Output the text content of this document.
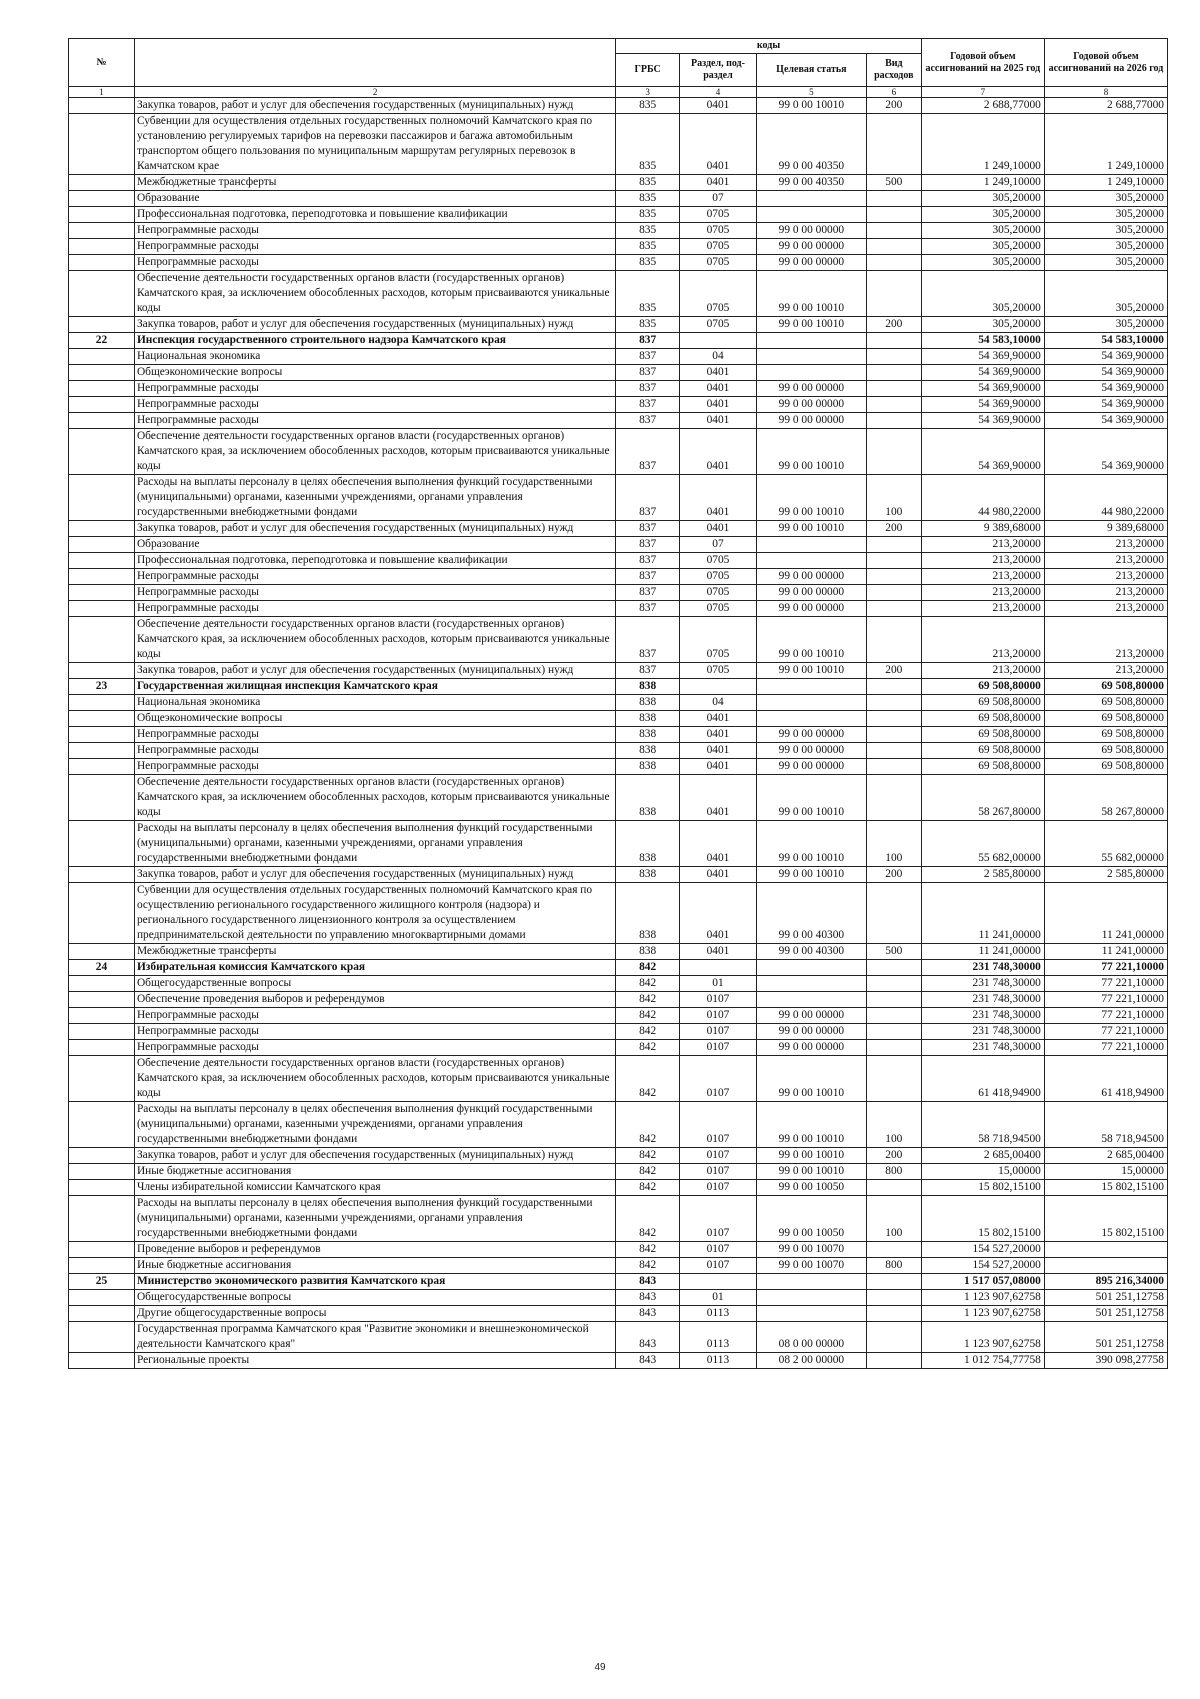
№		коды				Годовой объем ассигнований на 2025 год	Годовой объем ассигнований на 2026 год
		ГРБС	Раздел, под-раздел	Целевая статья	Вид расходов		
1	2	3	4	5	6	7	8
	Закупка товаров, работ и услуг для обеспечения государственных (муниципальных) нужд	835	0401	99 0 00 10010	200	2 688,77000	2 688,77000
	Субвенции для осуществления отдельных государственных полномочий Камчатского края по установлению регулируемых тарифов на перевозки пассажиров и багажа автомобильным транспортом общего пользования по муниципальным маршрутам регулярных перевозок в Камчатском крае	835	0401	99 0 00 40350		1 249,10000	1 249,10000
	Межбюджетные трансферты	835	0401	99 0 00 40350	500	1 249,10000	1 249,10000
	Образование	835	07			305,20000	305,20000
	Профессиональная подготовка, переподготовка и повышение квалификации	835	0705			305,20000	305,20000
	Непрограммные расходы	835	0705	99 0 00 00000		305,20000	305,20000
	Непрограммные расходы	835	0705	99 0 00 00000		305,20000	305,20000
	Непрограммные расходы	835	0705	99 0 00 00000		305,20000	305,20000
	Обеспечение деятельности государственных органов власти (государственных органов) Камчатского края, за исключением обособленных расходов, которым присваиваются уникальные коды	835	0705	99 0 00 10010		305,20000	305,20000
	Закупка товаров, работ и услуг для обеспечения государственных (муниципальных) нужд	835	0705	99 0 00 10010	200	305,20000	305,20000
22	Инспекция государственного строительного надзора Камчатского края	837				54 583,10000	54 583,10000
	Национальная экономика	837	04			54 369,90000	54 369,90000
	Общеэкономические вопросы	837	0401			54 369,90000	54 369,90000
	Непрограммные расходы	837	0401	99 0 00 00000		54 369,90000	54 369,90000
	Непрограммные расходы	837	0401	99 0 00 00000		54 369,90000	54 369,90000
	Непрограммные расходы	837	0401	99 0 00 00000		54 369,90000	54 369,90000
	Обеспечение деятельности государственных органов власти (государственных органов) Камчатского края, за исключением обособленных расходов, которым присваиваются уникальные коды	837	0401	99 0 00 10010		54 369,90000	54 369,90000
	Расходы на выплаты персоналу в целях обеспечения выполнения функций государственными (муниципальными) органами, казенными учреждениями, органами управления государственными внебюджетными фондами	837	0401	99 0 00 10010	100	44 980,22000	44 980,22000
	Закупка товаров, работ и услуг для обеспечения государственных (муниципальных) нужд	837	0401	99 0 00 10010	200	9 389,68000	9 389,68000
	Образование	837	07			213,20000	213,20000
	Профессиональная подготовка, переподготовка и повышение квалификации	837	0705			213,20000	213,20000
	Непрограммные расходы	837	0705	99 0 00 00000		213,20000	213,20000
	Непрограммные расходы	837	0705	99 0 00 00000		213,20000	213,20000
	Непрограммные расходы	837	0705	99 0 00 00000		213,20000	213,20000
	Обеспечение деятельности государственных органов власти (государственных органов) Камчатского края, за исключением обособленных расходов, которым присваиваются уникальные коды	837	0705	99 0 00 10010		213,20000	213,20000
	Закупка товаров, работ и услуг для обеспечения государственных (муниципальных) нужд	837	0705	99 0 00 10010	200	213,20000	213,20000
23	Государственная жилищная инспекция Камчатского края	838				69 508,80000	69 508,80000
	Национальная экономика	838	04			69 508,80000	69 508,80000
	Общеэкономические вопросы	838	0401			69 508,80000	69 508,80000
	Непрограммные расходы	838	0401	99 0 00 00000		69 508,80000	69 508,80000
	Непрограммные расходы	838	0401	99 0 00 00000		69 508,80000	69 508,80000
	Непрограммные расходы	838	0401	99 0 00 00000		69 508,80000	69 508,80000
	Обеспечение деятельности государственных органов власти (государственных органов) Камчатского края, за исключением обособленных расходов, которым присваиваются уникальные коды	838	0401	99 0 00 10010		58 267,80000	58 267,80000
	Расходы на выплаты персоналу в целях обеспечения выполнения функций государственными (муниципальными) органами, казенными учреждениями, органами управления государственными внебюджетными фондами	838	0401	99 0 00 10010	100	55 682,00000	55 682,00000
	Закупка товаров, работ и услуг для обеспечения государственных (муниципальных) нужд	838	0401	99 0 00 10010	200	2 585,80000	2 585,80000
	Субвенции для осуществления отдельных государственных полномочий Камчатского края по осуществлению регионального государственного жилищного контроля (надзора) и регионального государственного лицензионного контроля за осуществлением предпринимательской деятельности по управлению многоквартирными домами	838	0401	99 0 00 40300		11 241,00000	11 241,00000
	Межбюджетные трансферты	838	0401	99 0 00 40300	500	11 241,00000	11 241,00000
24	Избирательная комиссия Камчатского края	842				231 748,30000	77 221,10000
	Общегосударственные вопросы	842	01			231 748,30000	77 221,10000
	Обеспечение проведения выборов и референдумов	842	0107			231 748,30000	77 221,10000
	Непрограммные расходы	842	0107	99 0 00 00000		231 748,30000	77 221,10000
	Непрограммные расходы	842	0107	99 0 00 00000		231 748,30000	77 221,10000
	Непрограммные расходы	842	0107	99 0 00 00000		231 748,30000	77 221,10000
	Обеспечение деятельности государственных органов власти (государственных органов) Камчатского края, за исключением обособленных расходов, которым присваиваются уникальные коды	842	0107	99 0 00 10010		61 418,94900	61 418,94900
	Расходы на выплаты персоналу в целях обеспечения выполнения функций государственными (муниципальными) органами, казенными учреждениями, органами управления государственными внебюджетными фондами	842	0107	99 0 00 10010	100	58 718,94500	58 718,94500
	Закупка товаров, работ и услуг для обеспечения государственных (муниципальных) нужд	842	0107	99 0 00 10010	200	2 685,00400	2 685,00400
	Иные бюджетные ассигнования	842	0107	99 0 00 10010	800	15,00000	15,00000
	Члены избирательной комиссии Камчатского края	842	0107	99 0 00 10050		15 802,15100	15 802,15100
	Расходы на выплаты персоналу в целях обеспечения выполнения функций государственными (муниципальными) органами, казенными учреждениями, органами управления государственными внебюджетными фондами	842	0107	99 0 00 10050	100	15 802,15100	15 802,15100
	Проведение выборов и референдумов	842	0107	99 0 00 10070		154 527,20000	
	Иные бюджетные ассигнования	842	0107	99 0 00 10070	800	154 527,20000	
25	Министерство экономического развития Камчатского края	843				1 517 057,08000	895 216,34000
	Общегосударственные вопросы	843	01			1 123 907,62758	501 251,12758
	Другие общегосударственные вопросы	843	0113			1 123 907,62758	501 251,12758
	Государственная программа Камчатского края "Развитие экономики и внешнеэкономической деятельности Камчатского края"	843	0113	08 0 00 00000		1 123 907,62758	501 251,12758
	Региональные проекты	843	0113	08 2 00 00000		1 012 754,77758	390 098,27758
49
